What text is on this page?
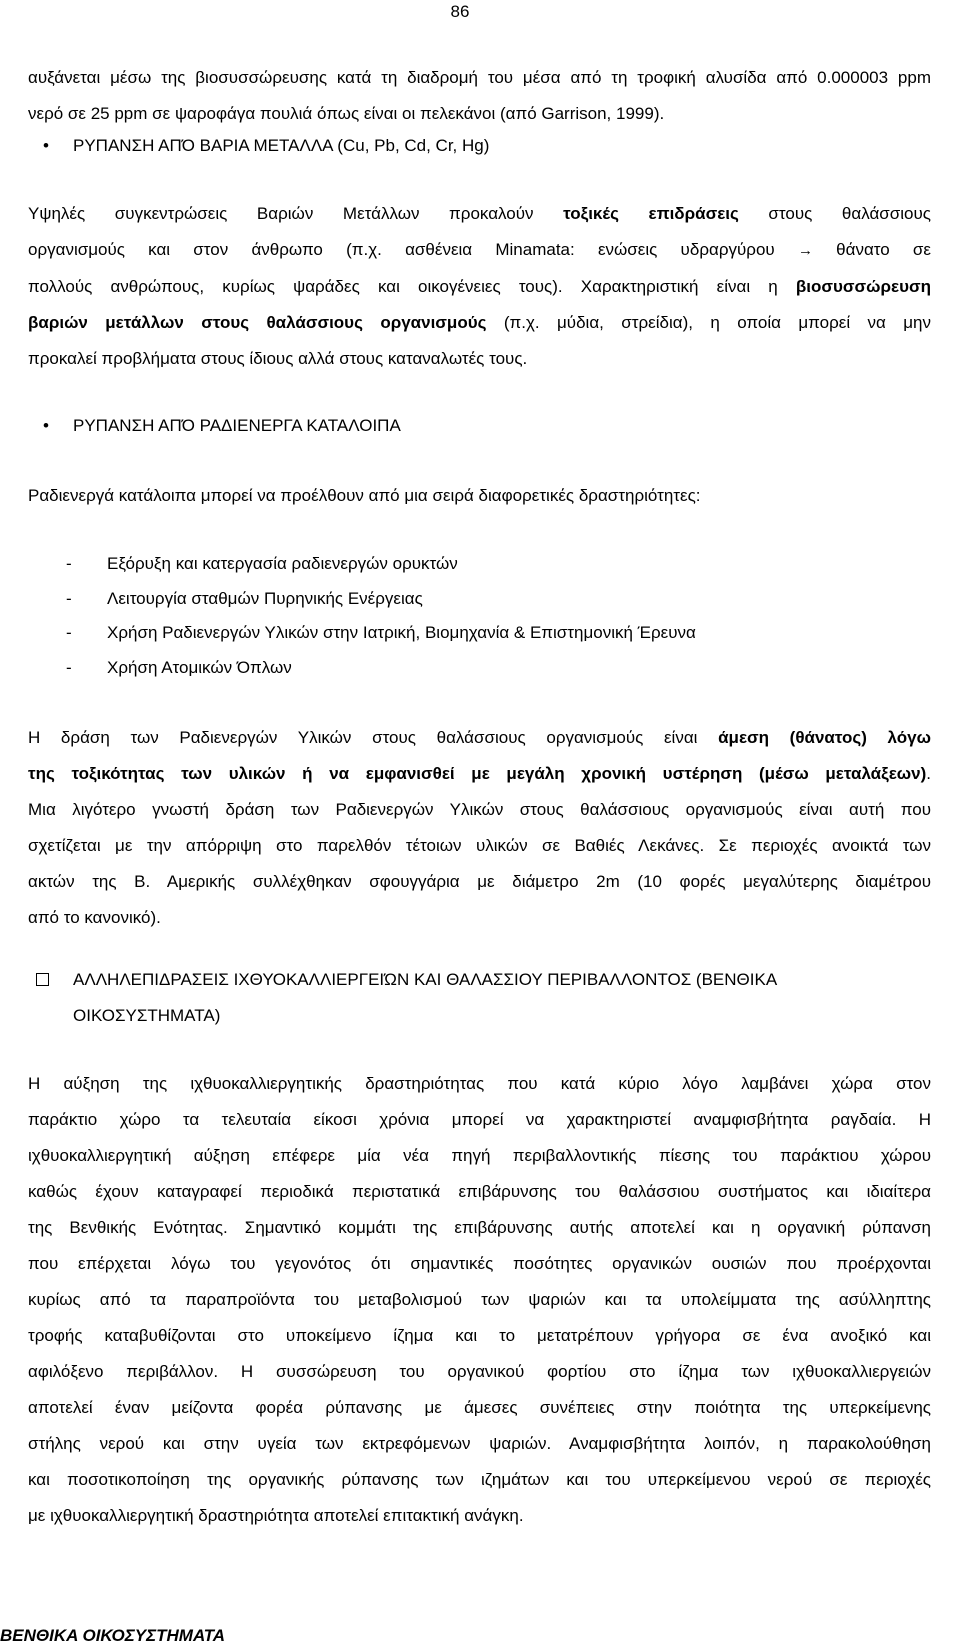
86
αυξάνεται μέσω της βιοσυσσώρευσης κατά τη διαδρομή του μέσα από τη τροφική αλυσίδα από 0.000003 ppm
νερό σε 25 ppm σε ψαροφάγα πουλιά όπως είναι οι πελεκάνοι (από Garrison, 1999).
•	ΡΥΠΑΝΣΗ ΑΠΌ ΒΑΡΙΑ ΜΕΤΑΛΛΑ (Cu, Pb, Cd, Cr, Hg)
Υψηλές συγκεντρώσεις Βαριών Μετάλλων προκαλούν τοξικές επιδράσεις στους θαλάσσιους
οργανισμούς και στον άνθρωπο (π.χ. ασθένεια Minamata: ενώσεις υδραργύρου → θάνατο σε
πολλούς ανθρώπους, κυρίως ψαράδες και οικογένειες τους). Χαρακτηριστική είναι η βιοσυσσώρευση
βαριών μετάλλων στους θαλάσσιους οργανισμούς (π.χ. μύδια, στρείδια), η οποία μπορεί να μην
προκαλεί προβλήματα στους ίδιους αλλά στους καταναλωτές τους.
•	ΡΥΠΑΝΣΗ ΑΠΌ ΡΑΔΙΕΝΕΡΓΑ ΚΑΤΑΛΟΙΠΑ
Ραδιενεργά κατάλοιπα μπορεί να προέλθουν από μια σειρά διαφορετικές δραστηριότητες:
- Εξόρυξη και κατεργασία ραδιενεργών ορυκτών
- Λειτουργία σταθμών Πυρηνικής Ενέργειας
- Χρήση Ραδιενεργών Υλικών στην Ιατρική, Βιομηχανία & Επιστημονική Έρευνα
- Χρήση Ατομικών Όπλων
Η δράση των Ραδιενεργών Υλικών στους θαλάσσιους οργανισμούς είναι άμεση (θάνατος) λόγω
της τοξικότητας των υλικών ή να εμφανισθεί με μεγάλη χρονική υστέρηση (μέσω μεταλάξεων).
Μια λιγότερο γνωστή δράση των Ραδιενεργών Υλικών στους θαλάσσιους οργανισμούς είναι αυτή που
σχετίζεται με την απόρριψη στο παρελθόν τέτοιων υλικών σε Βαθιές Λεκάνες. Σε περιοχές ανοικτά των
ακτών της Β. Αμερικής συλλέχθηκαν σφουγγάρια με διάμετρο 2m (10 φορές μεγαλύτερης διαμέτρου
από το κανονικό).
ΑΛΛΗΛΕΠΙΔΡΑΣΕΙΣ ΙΧΘΥΟΚΑΛΛΙΕΡΓΕΙΏΝ ΚΑΙ ΘΑΛΑΣΣΙΟΥ ΠΕΡΙΒΑΛΛΟΝΤΟΣ (ΒΕΝΘΙΚΑ
ΟΙΚΟΣΥΣΤΗΜΑΤΑ)
Η αύξηση της ιχθυοκαλλιεργητικής δραστηριότητας που κατά κύριο λόγο λαμβάνει χώρα στον
παράκτιο χώρο τα τελευταία είκοσι χρόνια μπορεί να χαρακτηριστεί αναμφισβήτητα ραγδαία. Η
ιχθυοκαλλιεργητική αύξηση επέφερε μία νέα πηγή περιβαλλοντικής πίεσης του παράκτιου χώρου
καθώς έχουν καταγραφεί περιοδικά περιστατικά επιβάρυνσης του θαλάσσιου συστήματος και ιδιαίτερα
της Βενθικής Ενότητας. Σημαντικό κομμάτι της επιβάρυνσης αυτής αποτελεί και η οργανική ρύπανση
που επέρχεται λόγω του γεγονότος ότι σημαντικές ποσότητες οργανικών ουσιών που προέρχονται
κυρίως από τα παραπροϊόντα του μεταβολισμού των ψαριών και τα υπολείμματα της ασύλληπτης
τροφής καταβυθίζονται στο υποκείμενο ίζημα και το μετατρέπουν γρήγορα σε ένα ανοξικό και
αφιλόξενο περιβάλλον. Η συσσώρευση του οργανικού φορτίου στο ίζημα των ιχθυοκαλλιεργειών
αποτελεί έναν μείζοντα φορέα ρύπανσης με άμεσες συνέπειες στην ποιότητα της υπερκείμενης
στήλης νερού και στην υγεία των εκτρεφόμενων ψαριών. Αναμφισβήτητα λοιπόν, η παρακολούθηση
και ποσοτικοποίηση της οργανικής ρύπανσης των ιζημάτων και του υπερκείμενου νερού σε περιοχές
με ιχθυοκαλλιεργητική δραστηριότητα αποτελεί επιτακτική ανάγκη.
ΒΕΝΘΙΚΑ ΟΙΚΟΣΥΣΤΗΜΑΤΑ
